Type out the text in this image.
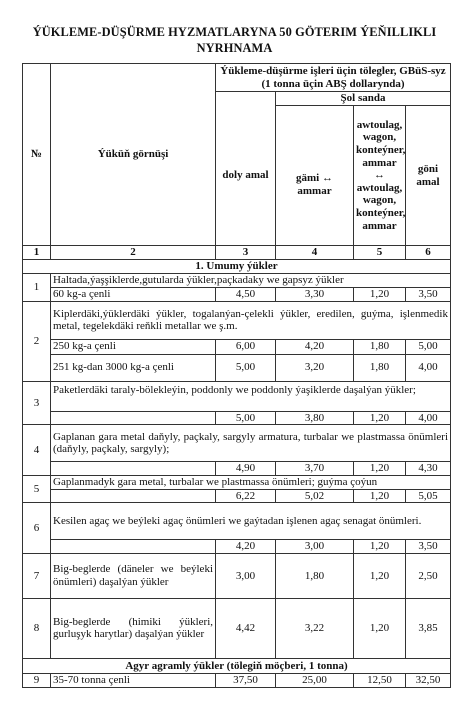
ÝÜKLEME-DÜŞÜRME HYZMATLARYNA 50 GÖTERIM ÝEŇILLIKLI NYRHNAMA
№	Ýüküň görnüşi	Ýükleme-düşürme işleri üçin tölegler, GBüS-syz (1 tonna üçin ABŞ dollarynda)			
			Şol sanda		
		doly amal	gämi ↔ ammar	awtoulag, wagon, konteýner, ammar ↔ awtoulag, wagon, konteýner, ammar	göni amal
1	2	3	4	5	6
1. Umumy ýükler					
1	Haltada,ýaşşiklerde,gutularda ýükler,paçkadaky we gapsyz ýükler				
	60 kg-a çenli	4,50	3,30	1,20	3,50
2	Kiplerdäki,ýüklerdäki ýükler, togalanýan-çelekli ýükler, eredilen, guýma, işlenmedik metal, tegelekdäki reňkli metallar we ş.m.				
	250 kg-a çenli	6,00	4,20	1,80	5,00
	251 kg-dan 3000 kg-a çenli	5,00	3,20	1,80	4,00
3	Paketlerdäki taraly-bölekleýin, poddonly we poddonly ýaşiklerde daşalýan ýükler;				
		5,00	3,80	1,20	4,00
4	Gaplanan gara metal daňyly, paçkaly, sargyly armatura, turbalar we plastmassa önümleri (daňyly, paçkaly, sargyly);				
		4,90	3,70	1,20	4,30
5	Gaplanmadyk gara metal, turbalar we plastmassa önümleri; guýma çoýun				
		6,22	5,02	1,20	5,05
6	Kesilen agaç we beýleki agaç önümleri we gaýtadan işlenen agaç senagat önümleri.				
		4,20	3,00	1,20	3,50
7	Big-beglerde (däneler we beýleki önümleri) daşalýan ýükler	3,00	1,80	1,20	2,50
8	Big-beglerde (himiki ýükleri, gurluşyk harytlar) daşalýan ýükler	4,42	3,22	1,20	3,85
Agyr agramly ýükler (tölegiň möçberi, 1 tonna)					
9	35-70 tonna çenli	37,50	25,00	12,50	32,50
